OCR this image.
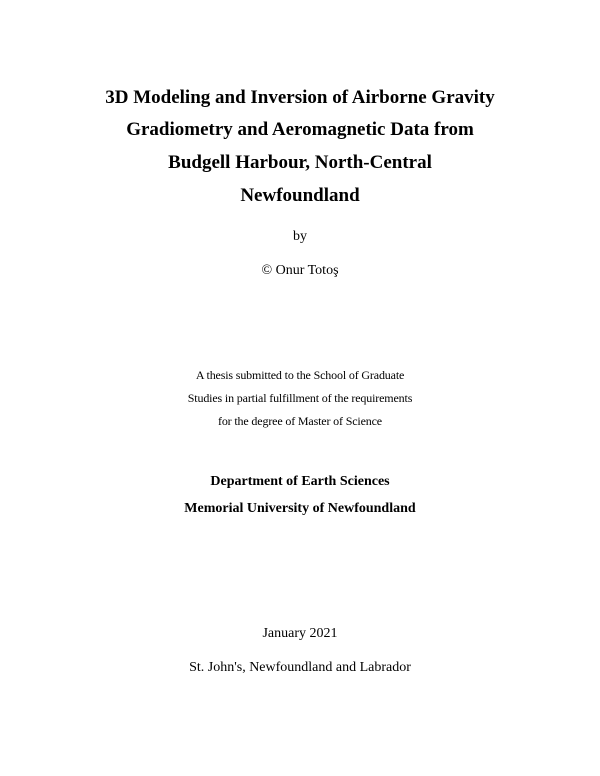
3D Modeling and Inversion of Airborne Gravity
Gradiometry and Aeromagnetic Data from
Budgell Harbour, North-Central
Newfoundland
by
© Onur Totoş
A thesis submitted to the School of Graduate
Studies in partial fulfillment of the requirements
for the degree of Master of Science
Department of Earth Sciences
Memorial University of Newfoundland
January 2021
St. John's, Newfoundland and Labrador
